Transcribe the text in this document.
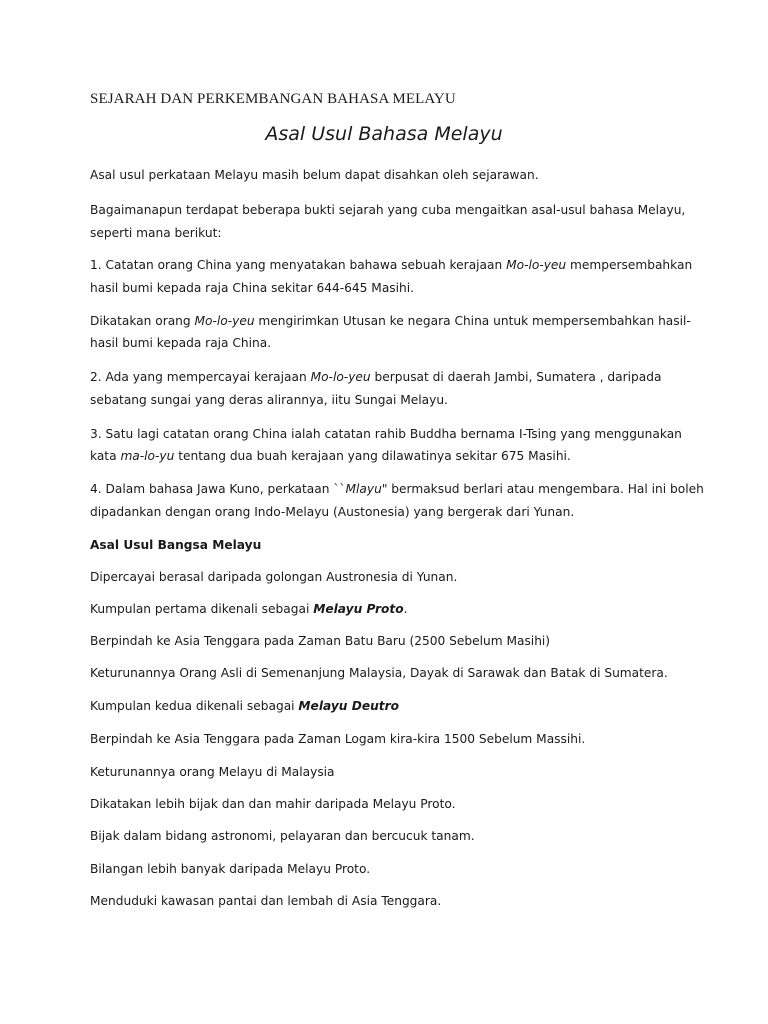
SEJARAH DAN PERKEMBANGAN BAHASA MELAYU
Asal Usul Bahasa Melayu
Asal usul perkataan Melayu masih belum dapat disahkan oleh sejarawan.
Bagaimanapun terdapat beberapa bukti sejarah yang cuba mengaitkan asal-usul bahasa Melayu,
seperti mana berikut:
1. Catatan orang China yang menyatakan bahawa sebuah kerajaan Mo-lo-yeu mempersembahkan
hasil bumi kepada raja China sekitar 644-645 Masihi.
Dikatakan orang Mo-lo-yeu mengirimkan Utusan ke negara China untuk mempersembahkan hasil-
hasil bumi kepada raja China.
2. Ada yang mempercayai kerajaan Mo-lo-yeu berpusat di daerah Jambi, Sumatera , daripada
sebatang sungai yang deras alirannya, iitu Sungai Melayu.
3. Satu lagi catatan orang China ialah catatan rahib Buddha bernama I-Tsing yang menggunakan
kata ma-lo-yu tentang dua buah kerajaan yang dilawatinya sekitar 675 Masihi.
4. Dalam bahasa Jawa Kuno, perkataan ``Mlayu" bermaksud berlari atau mengembara. Hal ini boleh
dipadankan dengan orang Indo-Melayu (Austonesia) yang bergerak dari Yunan.
Asal Usul Bangsa Melayu
Dipercayai berasal daripada golongan Austronesia di Yunan.
Kumpulan pertama dikenali sebagai Melayu Proto.
Berpindah ke Asia Tenggara pada Zaman Batu Baru (2500 Sebelum Masihi)
Keturunannya Orang Asli di Semenanjung Malaysia, Dayak di Sarawak dan Batak di Sumatera.
Kumpulan kedua dikenali sebagai Melayu Deutro
Berpindah ke Asia Tenggara pada Zaman Logam kira-kira 1500 Sebelum Massihi.
Keturunannya orang Melayu di Malaysia
Dikatakan lebih bijak dan dan mahir daripada Melayu Proto.
Bijak dalam bidang astronomi, pelayaran dan bercucuk tanam.
Bilangan lebih banyak daripada Melayu Proto.
Menduduki kawasan pantai dan lembah di Asia Tenggara.
